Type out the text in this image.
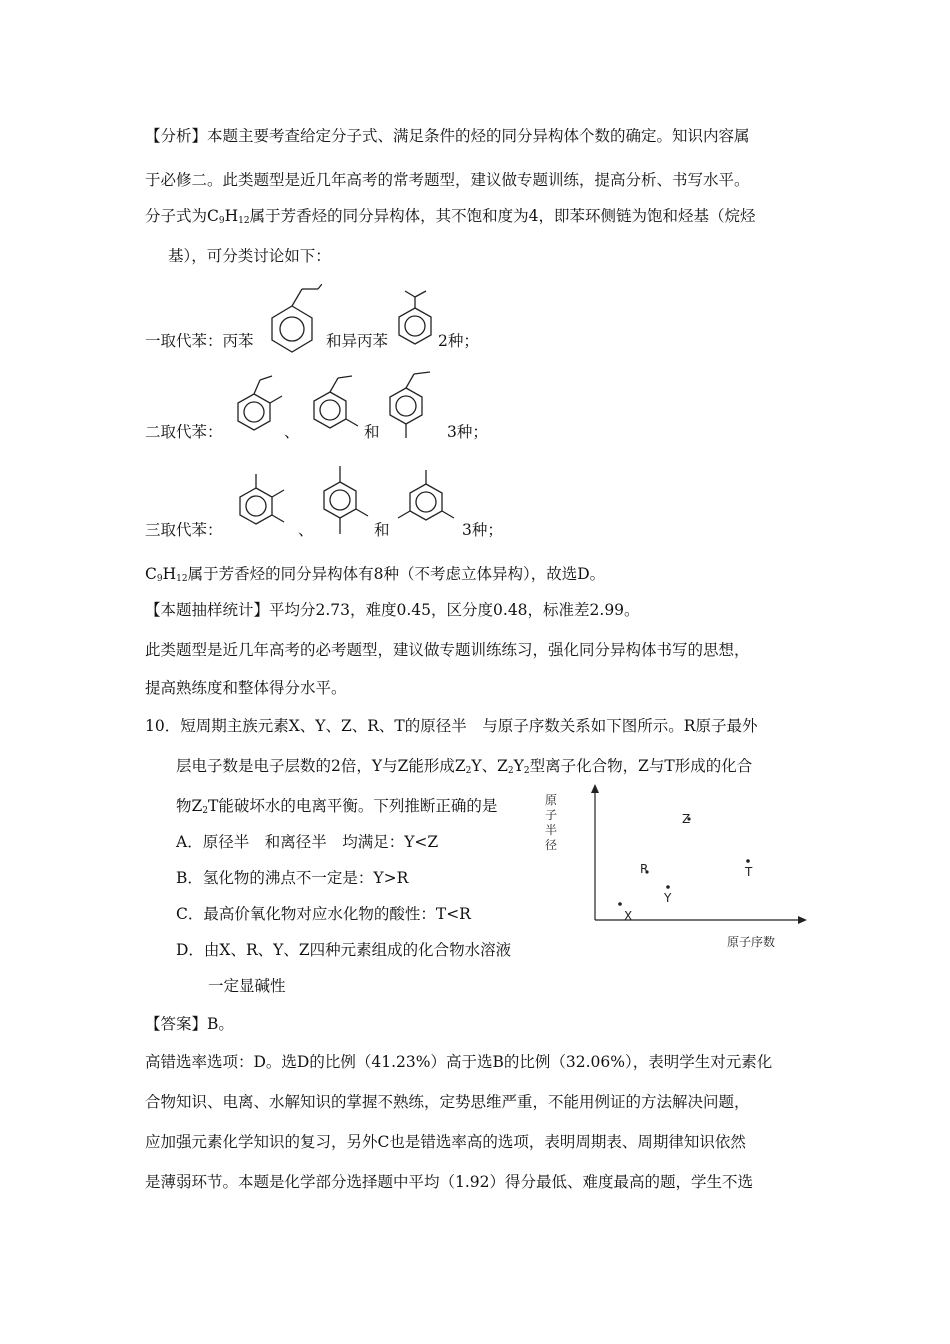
【分析】本题主要考查给定分子式、满足条件的烃的同分异构体个数的确定。知识内容属
于必修二。此类题型是近几年高考的常考题型，建议做专题训练，提高分析、书写水平。
分子式为$C_9H_{12}$属于芳香烃的同分异构体，其不饱和度为4，即苯环侧链为饱和烃基（烷烃
基），可分类讨论如下：
一取代苯：丙苯	和异丙苯	2种；
二取代苯：	、	和	3种；
三取代苯：	、	和	3种；
$C_9H_{12}$属于芳香烃的同分异构体有8种（不考虑立体异构），故选D。
【本题抽样统计】平均分2.73，难度0.45，区分度0.48，标准差2.99。
此类题型是近几年高考的必考题型，建议做专题训练练习，强化同分异构体书写的思想，
提高熟练度和整体得分水平。
10．短周期主族元素X、Y、Z、R、T的原径半　与原子序数关系如下图所示。R原子最外
层电子数是电子层数的2倍，Y与Z能形成$Z_2Y$、$Z_2Y_2$型离子化合物，Z与T形成的化合
物$Z_2T$能破坏水的电离平衡。下列推断正确的是
A．原径半　和离径半　均满足：Y<Z
B．氢化物的沸点不一定是：Y>R
C．最高价氧化物对应水化物的酸性：T<R
D．由X、R、Y、Z四种元素组成的化合物水溶液
一定显碱性
原
子
半
径
原子序数
Z
R
Y
T
X
【答案】B。
高错选率选项：D。选D的比例（41.23%）高于选B的比例（32.06%），表明学生对元素化
合物知识、电离、水解知识的掌握不熟练，定势思维严重，不能用例证的方法解决问题，
应加强元素化学知识的复习，另外C也是错选率高的选项，表明周期表、周期律知识依然
是薄弱环节。本题是化学部分选择题中平均（1.92）得分最低、难度最高的题，学生不选
